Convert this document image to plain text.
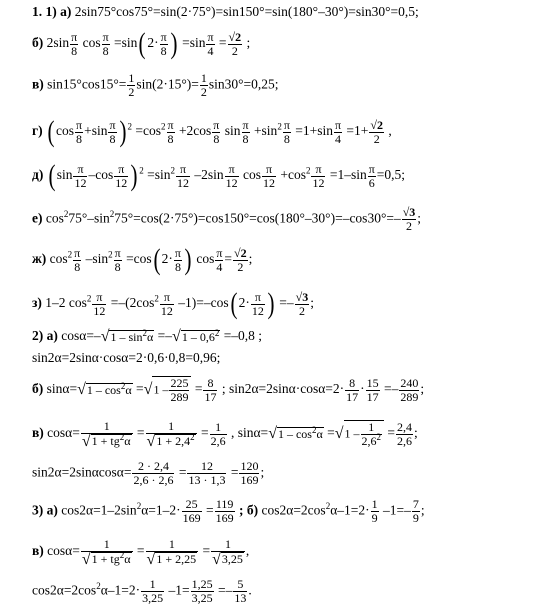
1. 1) а) 2sin75°cos75°=sin(2·75°)=sin150°=sin(180°–30°)=sin30°=0,5;
б) $2\sin \frac{\pi}{8}$ $\cos \frac{\pi}{8} =\sin$( $2\cdot \frac{\pi}{8}$ ) $=\sin \frac{\pi}{4} = \frac{√2}{2}$ ;
в) $\sin 15^\circ\cos 15^\circ= \frac{1}{2} \sin(2\cdot 15^\circ)= \frac{1}{2} \sin 30^\circ=0,25$;
г) ( $\cos \frac{\pi}{8} +\sin \frac{\pi}{8}$ ) $^2 =\cos^2 \frac{\pi}{8} +2\cos \frac{\pi}{8}$ $\sin \frac{\pi}{8} +\sin^2 \frac{\pi}{8} =1+\sin \frac{\pi}{4} =1+ \frac{√2}{2}$ ,
д) ( $\sin \frac{\pi}{12} -\cos \frac{\pi}{12}$ ) $^2 =\sin^2 \frac{\pi}{12} -2\sin \frac{\pi}{12}$ $\cos \frac{\pi}{12} +\cos^2 \frac{\pi}{12} =1-\sin \frac{\pi}{6} =0,5$;
е) $\cos^275^\circ-\sin^275^\circ=\cos(2\cdot 75^\circ)=\cos 150^\circ=\cos(180^\circ-30^\circ)=-\cos 30^\circ=- \frac{√3}{2}$ ;
ж) $\cos^2 \frac{\pi}{8} -\sin^2 \frac{\pi}{8} =\cos$( $2\cdot \frac{\pi}{8}$ ) $\cos \frac{\pi}{4} = \frac{√2}{2}$ ;
з) 1–2 $\cos^2 \frac{\pi}{12} =-(2\cos^2 \frac{\pi}{12} -1)=-\cos$( $2\cdot \frac{\pi}{12}$ ) =– $\frac{√3}{2}$ ;
2) а) $\cos\alpha=-√1 - \sin^2\alpha =-√1 - 0,6^2 =-0,8$ ;
sin2α=2sinα·cosα=2·0,6·0,8=0,96;
б) $\sin\alpha=√1 - \cos^2\alpha =√1 - \frac{225}{289} = \frac{8}{17}$ ; $\sin 2\alpha=2\sin\alpha\cdot\cos\alpha=2\cdot \frac{8}{17} \cdot \frac{15}{17} =- \frac{240}{289}$ ;
в) $\cos\alpha= \frac{1}{√1 + tg^2\alpha} = \frac{1}{√1 + 2,4^2} = \frac{1}{2,6}$ , $\sin\alpha=√1 - \cos^2\alpha =√1 - \frac{1}{2,6^2} = \frac{2,4}{2,6}$ ;
$\sin 2\alpha=2\sin\alpha\cos\alpha= \frac{2 \cdot 2,4}{2,6 \cdot 2,6} = \frac{12}{13 \cdot 1,3} = \frac{120}{169}$ ;
3) а) $\cos 2\alpha=1-2\sin^2\alpha=1-2\cdot \frac{25}{169} = \frac{119}{169}$ ; б) $\cos 2\alpha=2\cos^2\alpha-1=2\cdot \frac{1}{9} -1=- \frac{7}{9}$ ;
в) $\cos\alpha= \frac{1}{√1 + tg^2\alpha} = \frac{1}{√1 + 2,25} = \frac{1}{√3,25}$ ,
$\cos 2\alpha=2\cos^2\alpha-1=2\cdot \frac{1}{3,25} -1= \frac{1,25}{3,25} =- \frac{5}{13}$ .
